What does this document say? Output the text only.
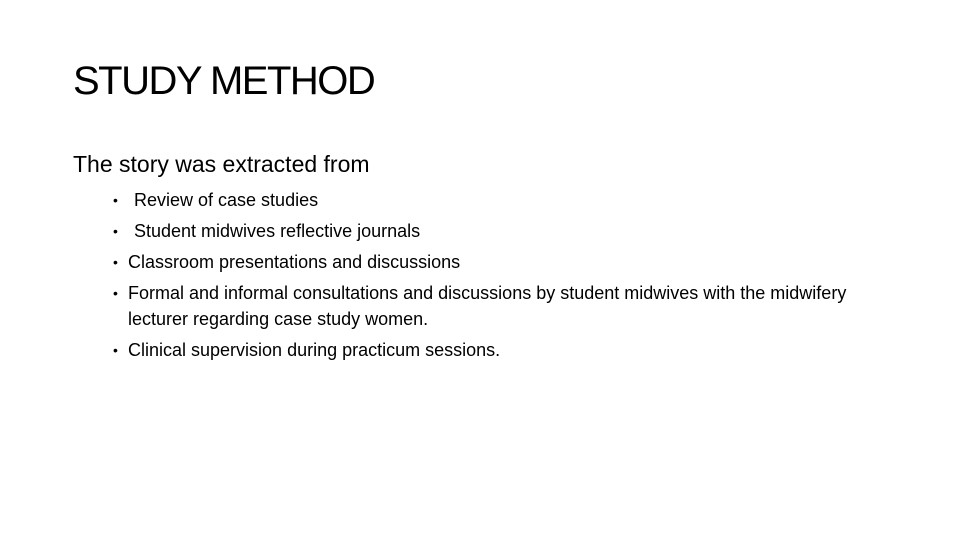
STUDY METHOD
The story was extracted from
• Review of case studies
• Student midwives reflective journals
• Classroom presentations and discussions
• Formal and informal consultations and discussions by student midwives with the midwifery lecturer regarding case study women.
• Clinical supervision during practicum sessions.
